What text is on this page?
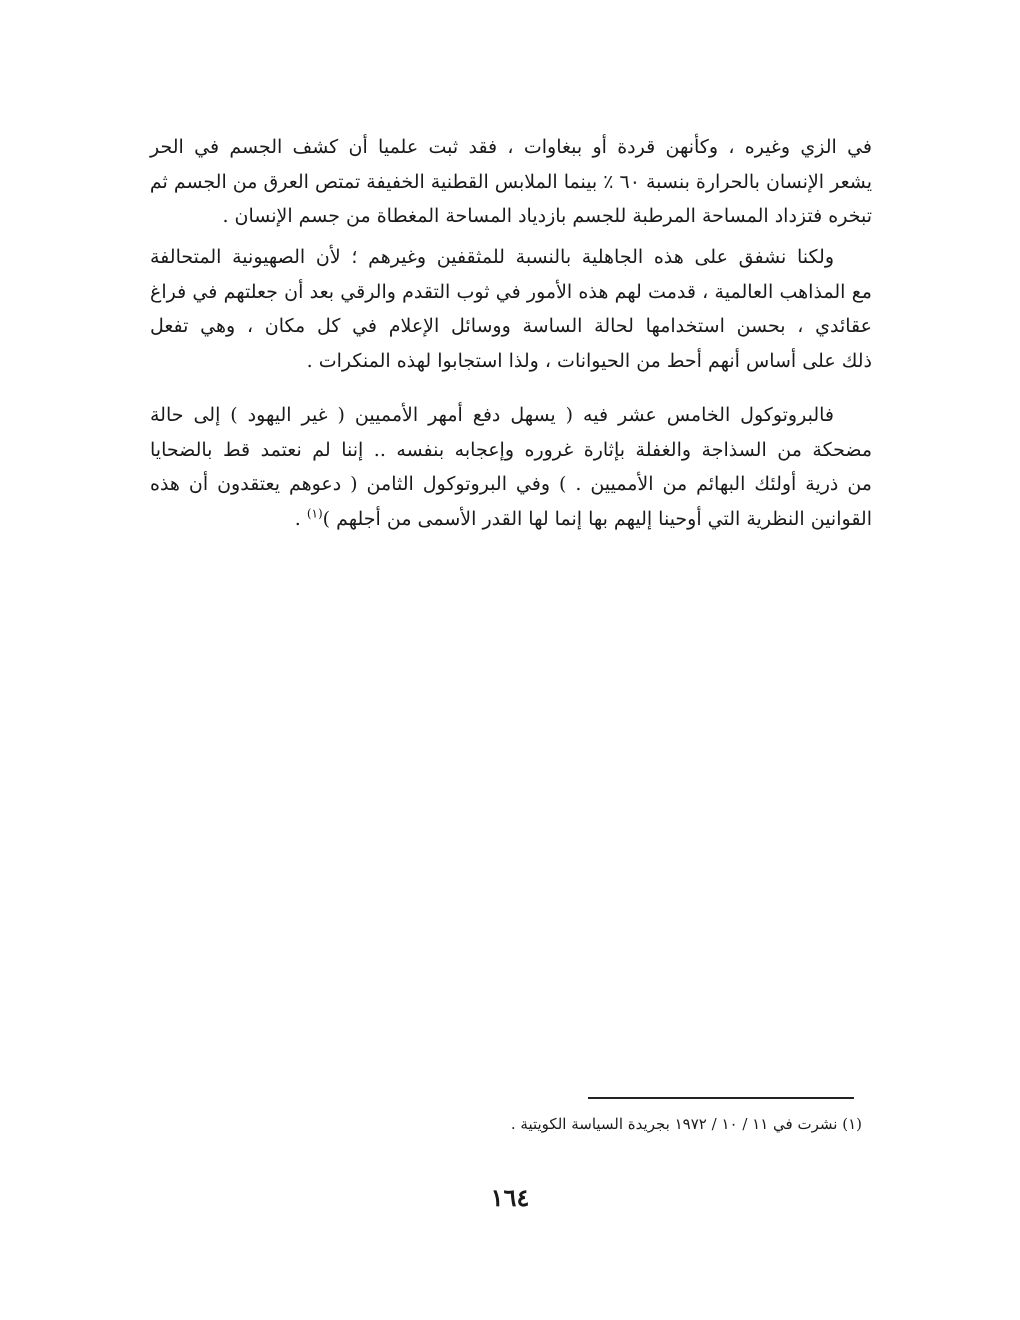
في الزي وغيره ، وكأنهن قردة أو ببغاوات ، فقد ثبت علميا أن كشف الجسم في الحر
يشعر الإنسان بالحرارة بنسبة ٦٠ ٪ بينما الملابس القطنية الخفيفة تمتص العرق من الجسم ثم
تبخره فتزداد المساحة المرطبة للجسم بازدياد المساحة المغطاة من جسم الإنسان .
ولكنا نشفق على هذه الجاهلية بالنسبة للمثقفين وغيرهم ؛ لأن الصهيونية المتحالفة
مع المذاهب العالمية ، قدمت لهم هذه الأمور في ثوب التقدم والرقي بعد أن جعلتهم في فراغ
عقائدي ، بحسن استخدامها لحالة الساسة ووسائل الإعلام في كل مكان ، وهي تفعل
ذلك على أساس أنهم أحط من الحيوانات ، ولذا استجابوا لهذه المنكرات .
فالبروتوكول الخامس عشر فيه ( يسهل دفع أمهر الأمميين ( غير اليهود ) إلى حالة
مضحكة من السذاجة والغفلة بإثارة غروره وإعجابه بنفسه .. إننا لم نعتمد قط بالضحايا
من ذرية أولئك البهائم من الأمميين . ) وفي البروتوكول الثامن ( دعوهم يعتقدون أن هذه
القوانين النظرية التي أوحينا إليهم بها إنما لها القدر الأسمى من أجلهم )$^{(١)}$ .
(١) نشرت في ١١ / ١٠ / ١٩٧٢ بجريدة السياسة الكويتية .
١٦٤
